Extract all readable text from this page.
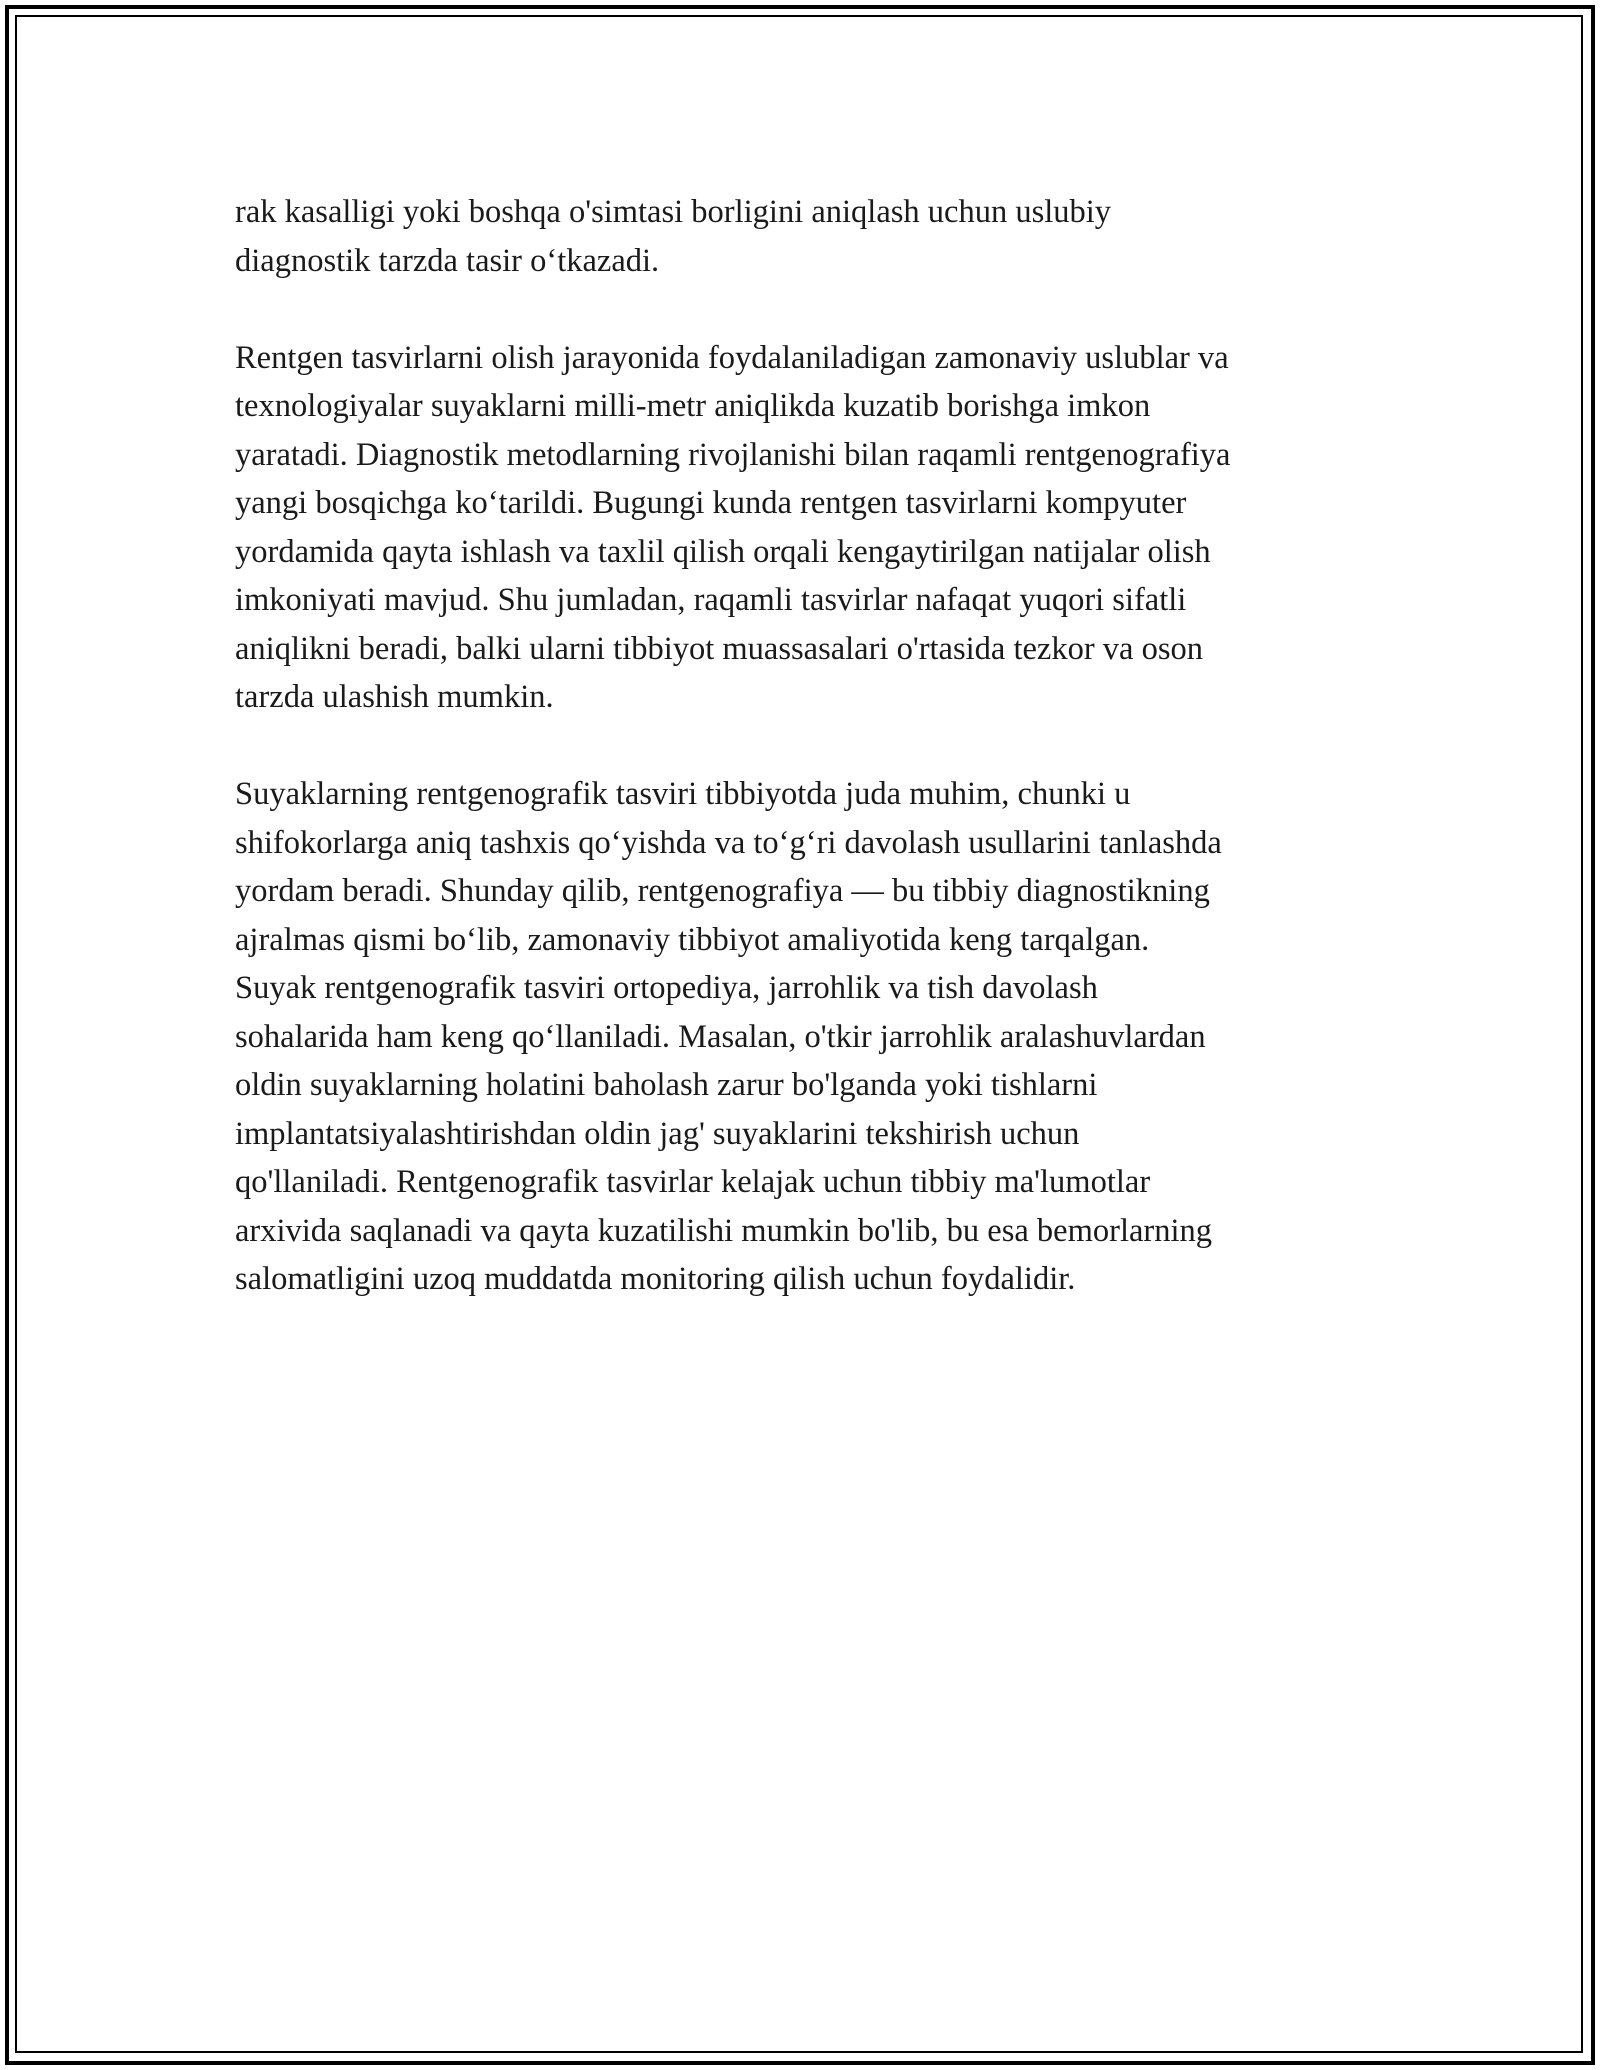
rak kasalligi yoki boshqa o'simtasi borligini aniqlash uchun uslubiy
diagnostik tarzda tasir o‘tkazadi.

Rentgen tasvirlarni olish jarayonida foydalaniladigan zamonaviy uslublar va
texnologiyalar suyaklarni milli-metr aniqlikda kuzatib borishga imkon
yaratadi. Diagnostik metodlarning rivojlanishi bilan raqamli rentgenografiya
yangi bosqichga ko‘tarildi. Bugungi kunda rentgen tasvirlarni kompyuter
yordamida qayta ishlash va taxlil qilish orqali kengaytirilgan natijalar olish
imkoniyati mavjud. Shu jumladan, raqamli tasvirlar nafaqat yuqori sifatli
aniqlikni beradi, balki ularni tibbiyot muassasalari o'rtasida tezkor va oson
tarzda ulashish mumkin.

Suyaklarning rentgenografik tasviri tibbiyotda juda muhim, chunki u
shifokorlarga aniq tashxis qo‘yishda va to‘g‘ri davolash usullarini tanlashda
yordam beradi. Shunday qilib, rentgenografiya — bu tibbiy diagnostikning
ajralmas qismi bo‘lib, zamonaviy tibbiyot amaliyotida keng tarqalgan.
Suyak rentgenografik tasviri ortopediya, jarrohlik va tish davolash
sohalarida ham keng qo‘llaniladi. Masalan, o'tkir jarrohlik aralashuvlardan
oldin suyaklarning holatini baholash zarur bo'lganda yoki tishlarni
implantatsiyalashtirishdan oldin jag' suyaklarini tekshirish uchun
qo'llaniladi. Rentgenografik tasvirlar kelajak uchun tibbiy ma'lumotlar
arxivida saqlanadi va qayta kuzatilishi mumkin bo'lib, bu esa bemorlarning
salomatligini uzoq muddatda monitoring qilish uchun foydalidir.
